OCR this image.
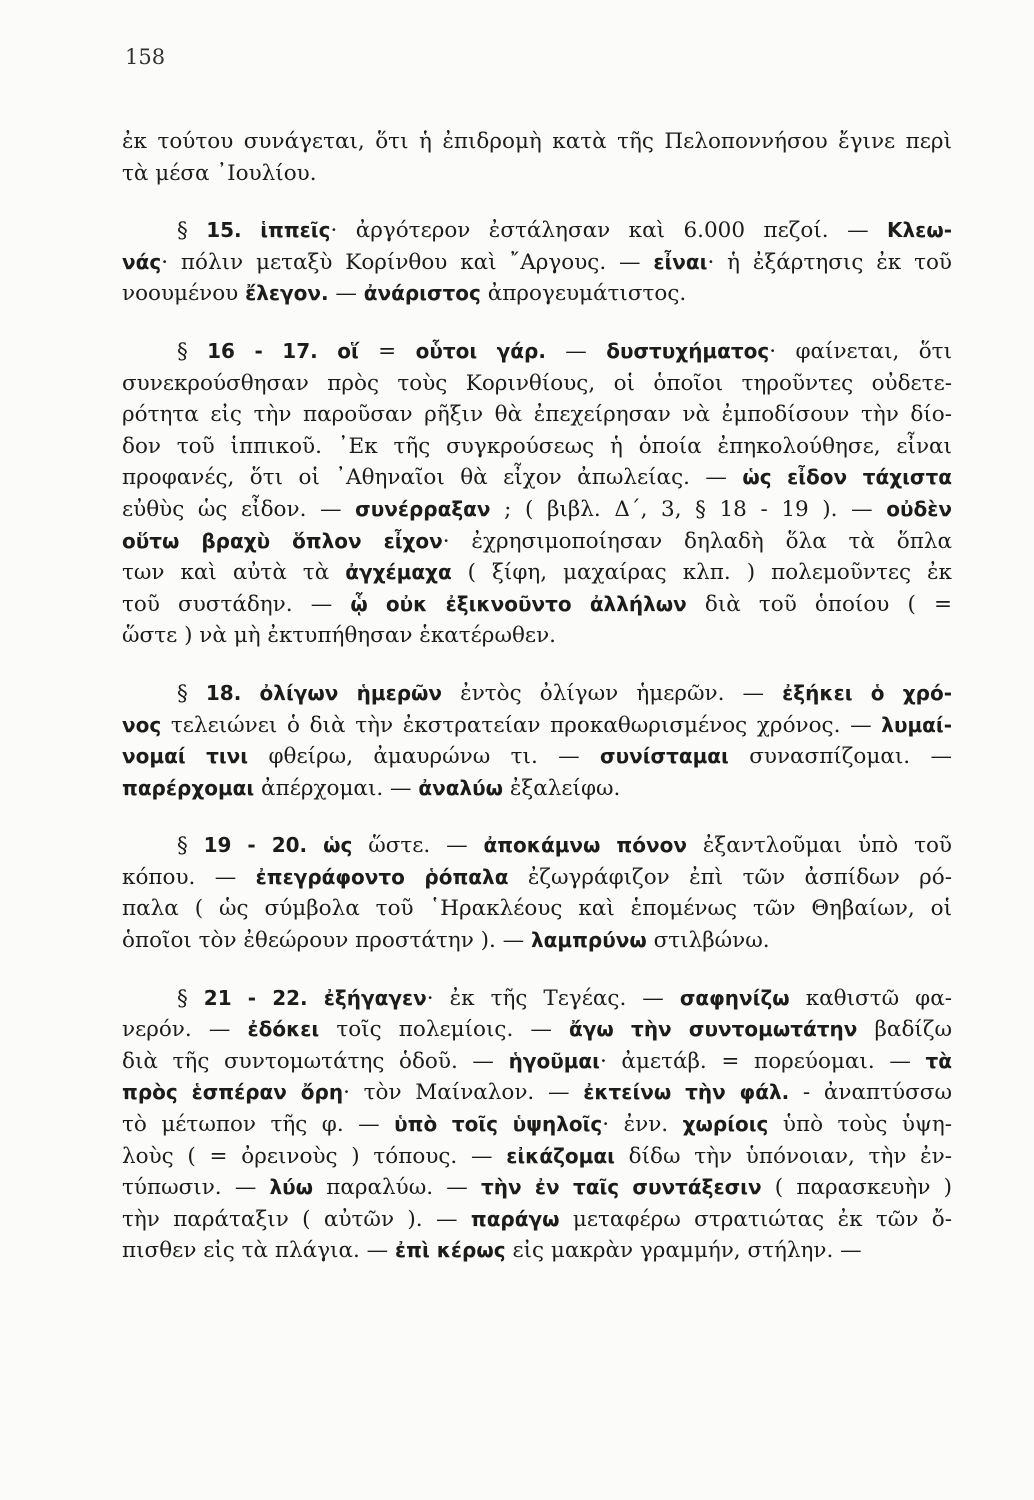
158
ἐκ τούτου συνάγεται, ὅτι ἡ ἐπιδρομὴ κατὰ τῆς Πελοποννήσου ἔγινε περὶ
τὰ μέσα ᾽Ιουλίου.
§ 15. ἱππεῖς· ἀργότερον ἐστάλησαν καὶ 6.000 πεζοί. — Κλεω-
νάς· πόλιν μεταξὺ Κορίνθου καὶ ῎Αργους. — εἶναι· ἡ ἐξάρτησις ἐκ τοῦ
νοουμένου ἔλεγον. — ἀνάριστος ἀπρογευμάτιστος.
§ 16 - 17. οἵ = οὗτοι γάρ. — δυστυχήματος· φαίνεται, ὅτι
συνεκρούσθησαν πρὸς τοὺς Κορινθίους, οἱ ὁποῖοι τηροῦντες οὐδετε-
ρότητα εἰς τὴν παροῦσαν ρῆξιν θὰ ἐπεχείρησαν νὰ ἐμποδίσουν τὴν δίο-
δον τοῦ ἱππικοῦ. ᾽Εκ τῆς συγκρούσεως ἡ ὁποία ἐπηκολούθησε, εἶναι
προφανές, ὅτι οἱ ᾽Αθηναῖοι θὰ εἶχον ἀπωλείας. — ὡς εἶδον τάχιστα
εὐθὺς ὡς εἶδον. — συνέρραξαν ; ( βιβλ. Δ΄, 3, § 18 - 19 ). — οὐδὲν
οὕτω βραχὺ ὅπλον εἶχον· ἐχρησιμοποίησαν δηλαδὴ ὅλα τὰ ὅπλα
των καὶ αὐτὰ τὰ ἀγχέμαχα ( ξίφη, μαχαίρας κλπ. ) πολεμοῦντες ἐκ
τοῦ συστάδην. — ᾧ οὐκ ἐξικνοῦντο ἀλλήλων διὰ τοῦ ὁποίου ( =
ὥστε ) νὰ μὴ ἐκτυπήθησαν ἑκατέρωθεν.
§ 18. ὀλίγων ἡμερῶν ἐντὸς ὀλίγων ἡμερῶν. — ἐξήκει ὁ χρό-
νος τελειώνει ὁ διὰ τὴν ἐκστρατείαν προκαθωρισμένος χρόνος. — λυμαί-
νομαί τινι φθείρω, ἀμαυρώνω τι. — συνίσταμαι συνασπίζομαι. —
παρέρχομαι ἀπέρχομαι. — ἀναλύω ἐξαλείφω.
§ 19 - 20. ὡς ὥστε. — ἀποκάμνω πόνον ἐξαντλοῦμαι ὑπὸ τοῦ
κόπου. — ἐπεγράφοντο ῥόπαλα ἐζωγράφιζον ἐπὶ τῶν ἀσπίδων ρό-
παλα ( ὡς σύμβολα τοῦ ῾Ηρακλέους καὶ ἑπομένως τῶν Θηβαίων, οἱ
ὁποῖοι τὸν ἐθεώρουν προστάτην ). — λαμπρύνω στιλβώνω.
§ 21 - 22. ἐξήγαγεν· ἐκ τῆς Τεγέας. — σαφηνίζω καθιστῶ φα-
νερόν. — ἐδόκει τοῖς πολεμίοις. — ἄγω τὴν συντομωτάτην βαδίζω
διὰ τῆς συντομωτάτης ὁδοῦ. — ἡγοῦμαι· ἀμετάβ. = πορεύομαι. — τὰ
πρὸς ἑσπέραν ὄρη· τὸν Μαίναλον. — ἐκτείνω τὴν φάλ. - ἀναπτύσσω
τὸ μέτωπον τῆς φ. — ὑπὸ τοῖς ὑψηλοῖς· ἐνν. χωρίοις ὑπὸ τοὺς ὑψη-
λοὺς ( = ὀρεινοὺς ) τόπους. — εἰκάζομαι δίδω τὴν ὑπόνοιαν, τὴν ἐν-
τύπωσιν. — λύω παραλύω. — τὴν ἐν ταῖς συντάξεσιν ( παρασκευὴν )
τὴν παράταξιν ( αὐτῶν ). — παράγω μεταφέρω στρατιώτας ἐκ τῶν ὄ-
πισθεν εἰς τὰ πλάγια. — ἐπὶ κέρως εἰς μακρὰν γραμμήν, στήλην. —
